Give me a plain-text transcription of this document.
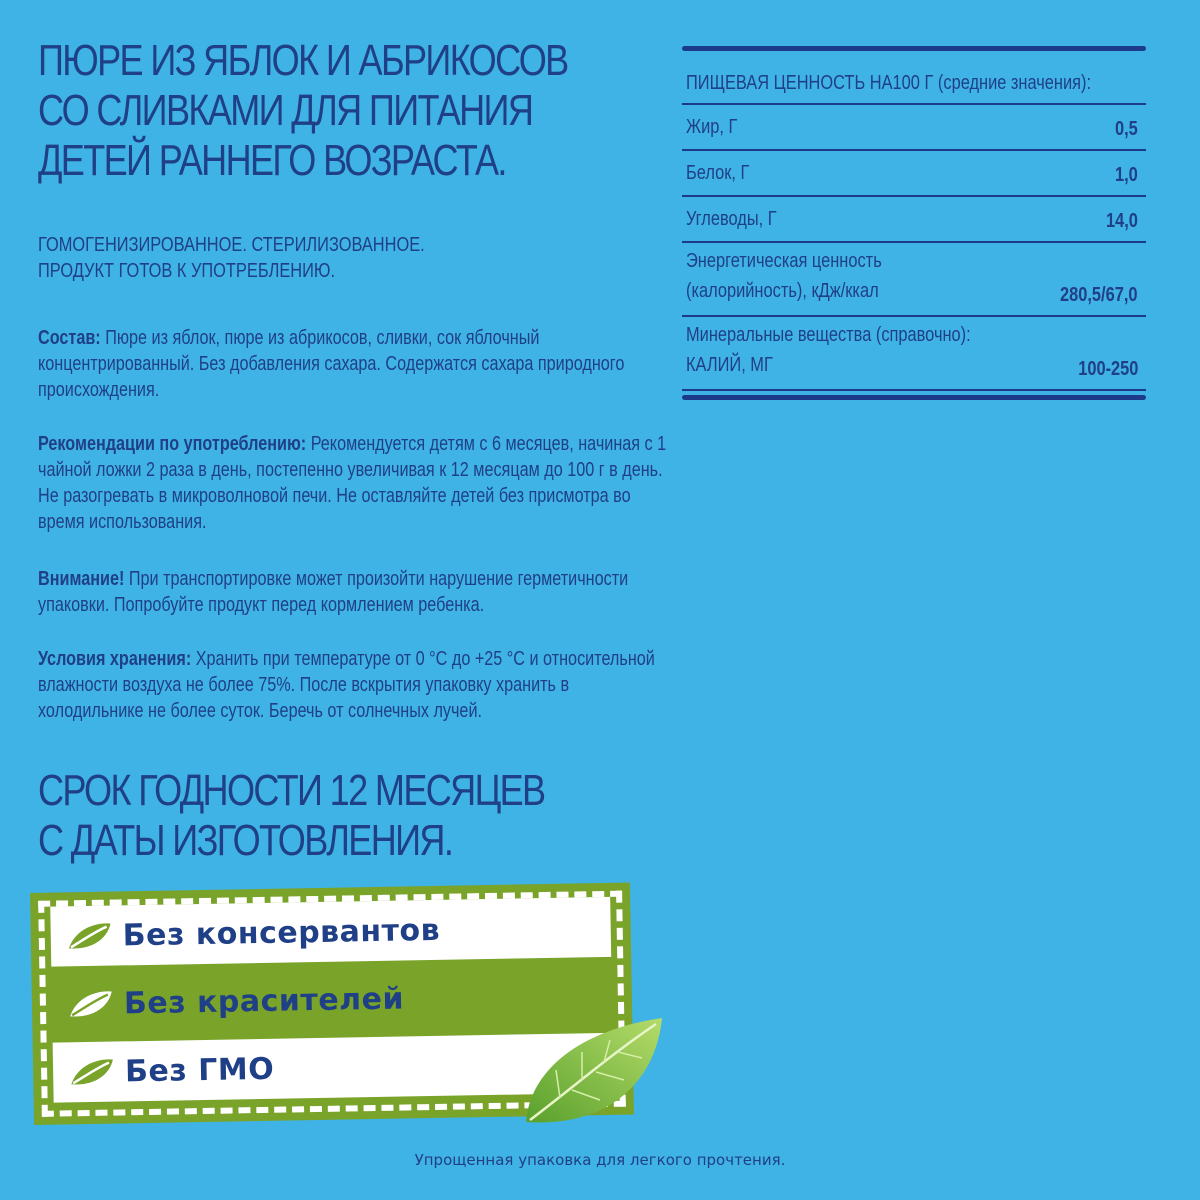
ПЮРЕ ИЗ ЯБЛОК И АБРИКОСОВ
СО СЛИВКАМИ ДЛЯ ПИТАНИЯ
ДЕТЕЙ РАННЕГО ВОЗРАСТА.
ГОМОГЕНИЗИРОВАННОЕ. СТЕРИЛИЗОВАННОЕ.
ПРОДУКТ ГОТОВ К УПОТРЕБЛЕНИЮ.
Состав: Пюре из яблок, пюре из абрикосов, сливки, сок яблочный концентрированный. Без добавления сахара. Содержатся сахара природного происхождения.
Рекомендации по употреблению: Рекомендуется детям с 6 месяцев, начиная с 1 чайной ложки 2 раза в день, постепенно увеличивая к 12 месяцам до 100 г в день. Не разогревать в микроволновой печи. Не оставляйте детей без присмотра во время использования.
Внимание! При транспортировке может произойти нарушение герметичности упаковки. Попробуйте продукт перед кормлением ребенка.
Условия хранения: Хранить при температуре от 0 °C до +25 °C и относительной влажности воздуха не более 75%. После вскрытия упаковку хранить в холодильнике не более суток. Беречь от солнечных лучей.
СРОК ГОДНОСТИ 12 МЕСЯЦЕВ
С ДАТЫ ИЗГОТОВЛЕНИЯ.
ПИЩЕВАЯ ЦЕННОСТЬ НА100 Г (средние значения):
Жир, Г	0,5
Белок, Г	1,0
Углеводы, Г	14,0
Энергетическая ценность
(калорийность), кДж/ккал	280,5/67,0
Минеральные вещества (справочно):
КАЛИЙ, МГ	100-250
Без консервантов
Без красителей
Без ГМО
Упрощенная упаковка для легкого прочтения.
